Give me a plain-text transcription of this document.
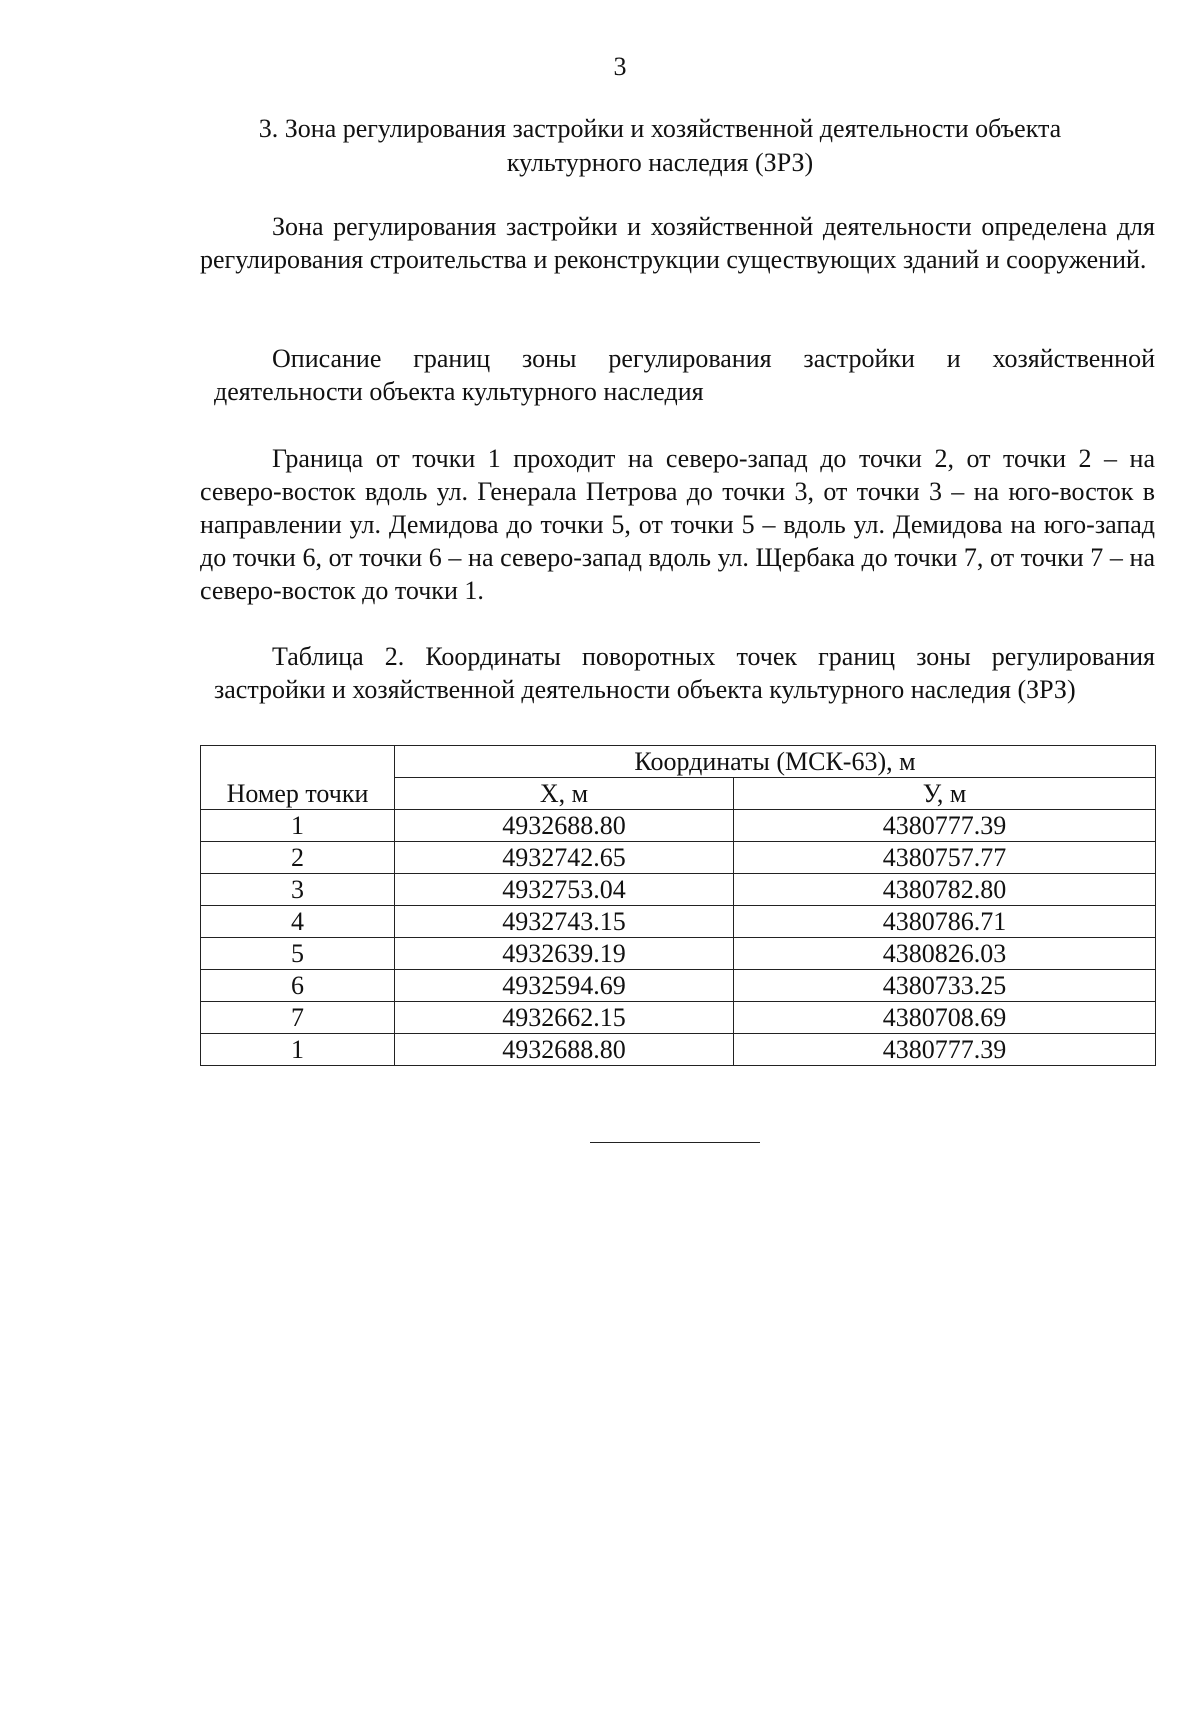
3
3. Зона регулирования застройки и хозяйственной деятельности объекта
культурного наследия (ЗРЗ)

Зона регулирования застройки и хозяйственной деятельности определена для регулирования строительства и реконструкции существующих зданий и сооружений.

Описание границ зоны регулирования застройки и хозяйственной деятельности объекта культурного наследия

Граница от точки 1 проходит на северо-запад до точки 2, от точки 2 – на северо-восток вдоль ул. Генерала Петрова до точки 3, от точки 3 – на юго-восток в направлении ул. Демидова до точки 5, от точки 5 – вдоль ул. Демидова на юго-запад до точки 6, от точки 6 – на северо-запад вдоль ул. Щербака до точки 7, от точки 7 – на северо-восток до точки 1.

Таблица 2. Координаты поворотных точек границ зоны регулирования застройки и хозяйственной деятельности объекта культурного наследия (ЗРЗ)

Номер точки	Координаты (МСК-63), м	
	X, м	У, м
1	4932688.80	4380777.39
2	4932742.65	4380757.77
3	4932753.04	4380782.80
4	4932743.15	4380786.71
5	4932639.19	4380826.03
6	4932594.69	4380733.25
7	4932662.15	4380708.69
1	4932688.80	4380777.39
